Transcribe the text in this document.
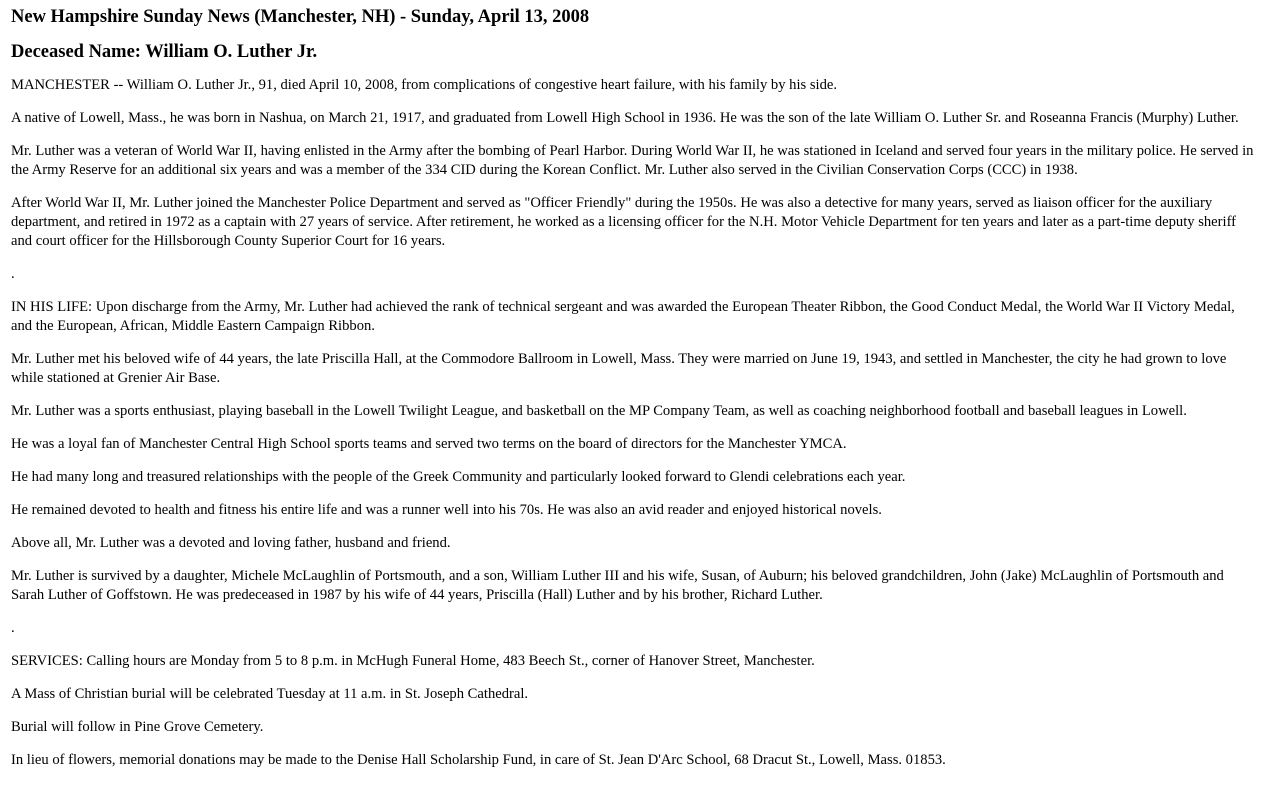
New Hampshire Sunday News (Manchester, NH) - Sunday, April 13, 2008
Deceased Name: William O. Luther Jr.

MANCHESTER -- William O. Luther Jr., 91, died April 10, 2008, from complications of congestive heart failure, with his family by his side.

A native of Lowell, Mass., he was born in Nashua, on March 21, 1917, and graduated from Lowell High School in 1936. He was the son of the late William O. Luther Sr. and Roseanna Francis (Murphy) Luther.

Mr. Luther was a veteran of World War II, having enlisted in the Army after the bombing of Pearl Harbor. During World War II, he was stationed in Iceland and served four years in the military police. He served in the Army Reserve for an additional six years and was a member of the 334 CID during the Korean Conflict. Mr. Luther also served in the Civilian Conservation Corps (CCC) in 1938.

After World War II, Mr. Luther joined the Manchester Police Department and served as "Officer Friendly" during the 1950s. He was also a detective for many years, served as liaison officer for the auxiliary department, and retired in 1972 as a captain with 27 years of service. After retirement, he worked as a licensing officer for the N.H. Motor Vehicle Department for ten years and later as a part-time deputy sheriff and court officer for the Hillsborough County Superior Court for 16 years.

.

IN HIS LIFE: Upon discharge from the Army, Mr. Luther had achieved the rank of technical sergeant and was awarded the European Theater Ribbon, the Good Conduct Medal, the World War II Victory Medal, and the European, African, Middle Eastern Campaign Ribbon.

Mr. Luther met his beloved wife of 44 years, the late Priscilla Hall, at the Commodore Ballroom in Lowell, Mass. They were married on June 19, 1943, and settled in Manchester, the city he had grown to love while stationed at Grenier Air Base.

Mr. Luther was a sports enthusiast, playing baseball in the Lowell Twilight League, and basketball on the MP Company Team, as well as coaching neighborhood football and baseball leagues in Lowell.

He was a loyal fan of Manchester Central High School sports teams and served two terms on the board of directors for the Manchester YMCA.

He had many long and treasured relationships with the people of the Greek Community and particularly looked forward to Glendi celebrations each year.

He remained devoted to health and fitness his entire life and was a runner well into his 70s. He was also an avid reader and enjoyed historical novels.

Above all, Mr. Luther was a devoted and loving father, husband and friend.

Mr. Luther is survived by a daughter, Michele McLaughlin of Portsmouth, and a son, William Luther III and his wife, Susan, of Auburn; his beloved grandchildren, John (Jake) McLaughlin of Portsmouth and Sarah Luther of Goffstown. He was predeceased in 1987 by his wife of 44 years, Priscilla (Hall) Luther and by his brother, Richard Luther.

.

SERVICES: Calling hours are Monday from 5 to 8 p.m. in McHugh Funeral Home, 483 Beech St., corner of Hanover Street, Manchester.

A Mass of Christian burial will be celebrated Tuesday at 11 a.m. in St. Joseph Cathedral.

Burial will follow in Pine Grove Cemetery.

In lieu of flowers, memorial donations may be made to the Denise Hall Scholarship Fund, in care of St. Jean D'Arc School, 68 Dracut St., Lowell, Mass. 01853.
